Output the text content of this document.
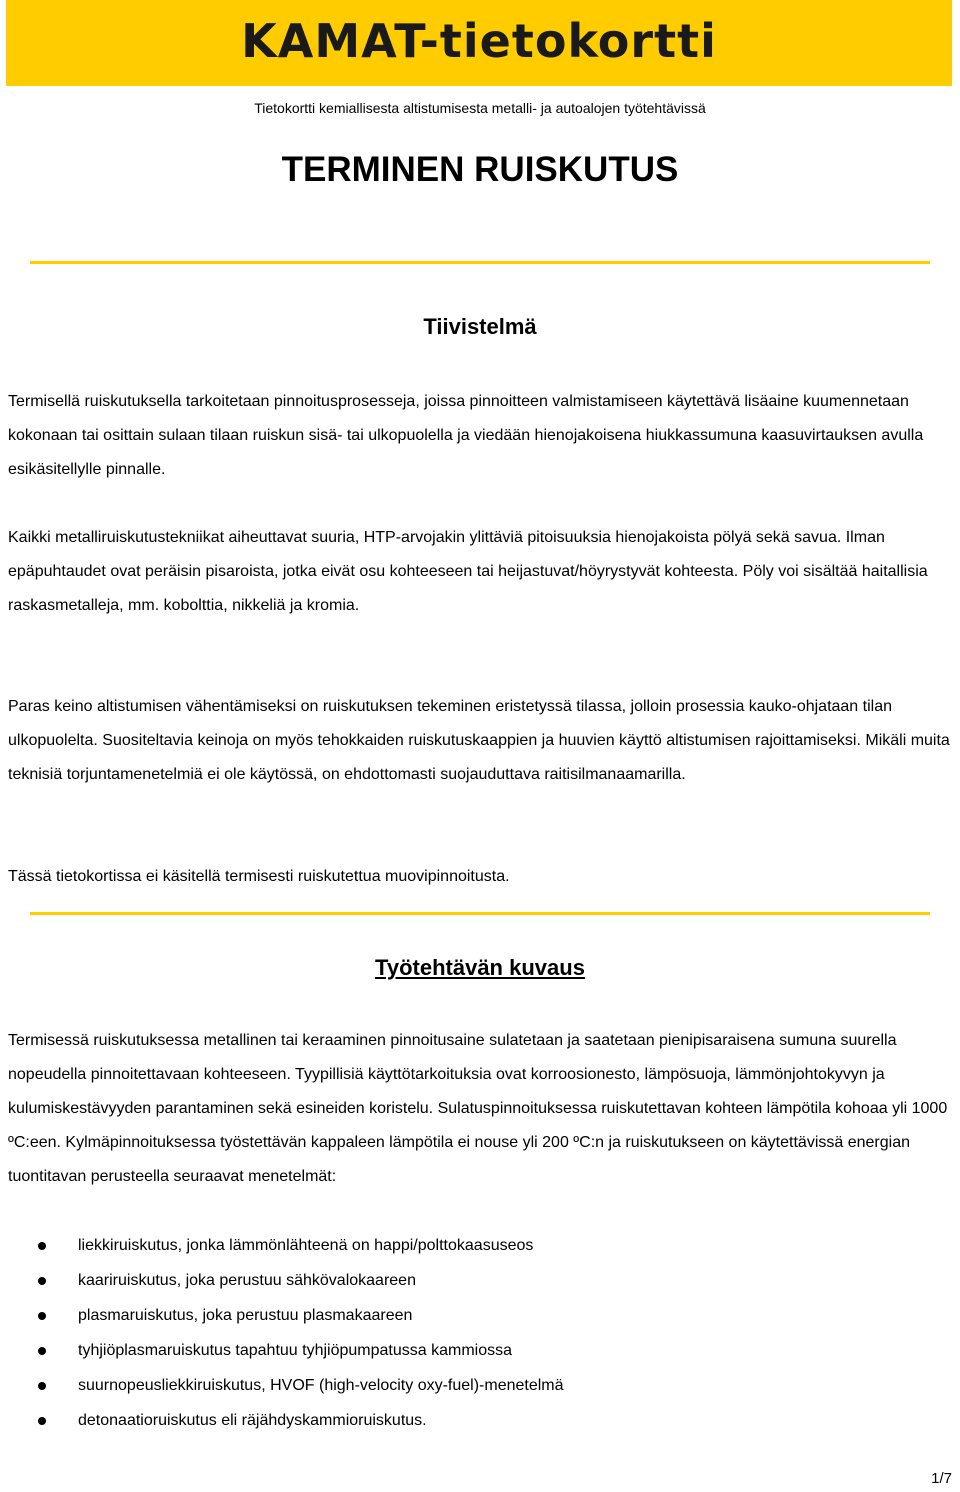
KAMAT-tietokortti
Tietokortti kemiallisesta altistumisesta metalli- ja autoalojen työtehtävissä
TERMINEN RUISKUTUS
Tiivistelmä

Termisellä ruiskutuksella tarkoitetaan pinnoitusprosesseja, joissa pinnoitteen valmistamiseen käytettävä lisäaine kuumennetaan kokonaan tai osittain sulaan tilaan ruiskun sisä- tai ulkopuolella ja viedään hienojakoisena hiukkassumuna kaasuvirtauksen avulla esikäsitellylle pinnalle.

Kaikki metalliruiskutustekniikat aiheuttavat suuria, HTP-arvojakin ylittäviä pitoisuuksia hienojakoista pölyä sekä savua. Ilman epäpuhtaudet ovat peräisin pisaroista, jotka eivät osu kohteeseen tai heijastuvat/höyrystyvät kohteesta. Pöly voi sisältää haitallisia raskasmetalleja, mm. kobolttia, nikkeliä ja kromia.

Paras keino altistumisen vähentämiseksi on ruiskutuksen tekeminen eristetyssä tilassa, jolloin prosessia kauko-ohjataan tilan ulkopuolelta. Suositeltavia keinoja on myös tehokkaiden ruiskutuskaappien ja huuvien käyttö altistumisen rajoittamiseksi. Mikäli muita teknisiä torjuntamenetelmiä ei ole käytössä, on ehdottomasti suojauduttava raitisilmanaamarilla.

Tässä tietokortissa ei käsitellä termisesti ruiskutettua muovipinnoitusta.

Työtehtävän kuvaus

Termisessä ruiskutuksessa metallinen tai keraaminen pinnoitusaine sulatetaan ja saatetaan pienipisaraisena sumuna suurella nopeudella pinnoitettavaan kohteeseen. Tyypillisiä käyttötarkoituksia ovat korroosionesto, lämpösuoja, lämmönjohtokyvyn ja kulumiskestävyyden parantaminen sekä esineiden koristelu. Sulatuspinnoituksessa ruiskutettavan kohteen lämpötila kohoaa yli 1000 ºC:een. Kylmäpinnoituksessa työstettävän kappaleen lämpötila ei nouse yli 200 ºC:n ja ruiskutukseen on käytettävissä energian tuontitavan perusteella seuraavat menetelmät:

liekkiruiskutus, jonka lämmönlähteenä on happi/polttokaasuseos
kaariruiskutus, joka perustuu sähkövalokaareen
plasmaruiskutus, joka perustuu plasmakaareen
tyhjiöplasmaruiskutus tapahtuu tyhjiöpumpatussa kammiossa
suurnopeusliekkiruiskutus, HVOF (high-velocity oxy-fuel)-menetelmä
detonaatioruiskutus eli räjähdyskammioruiskutus.
1/7
